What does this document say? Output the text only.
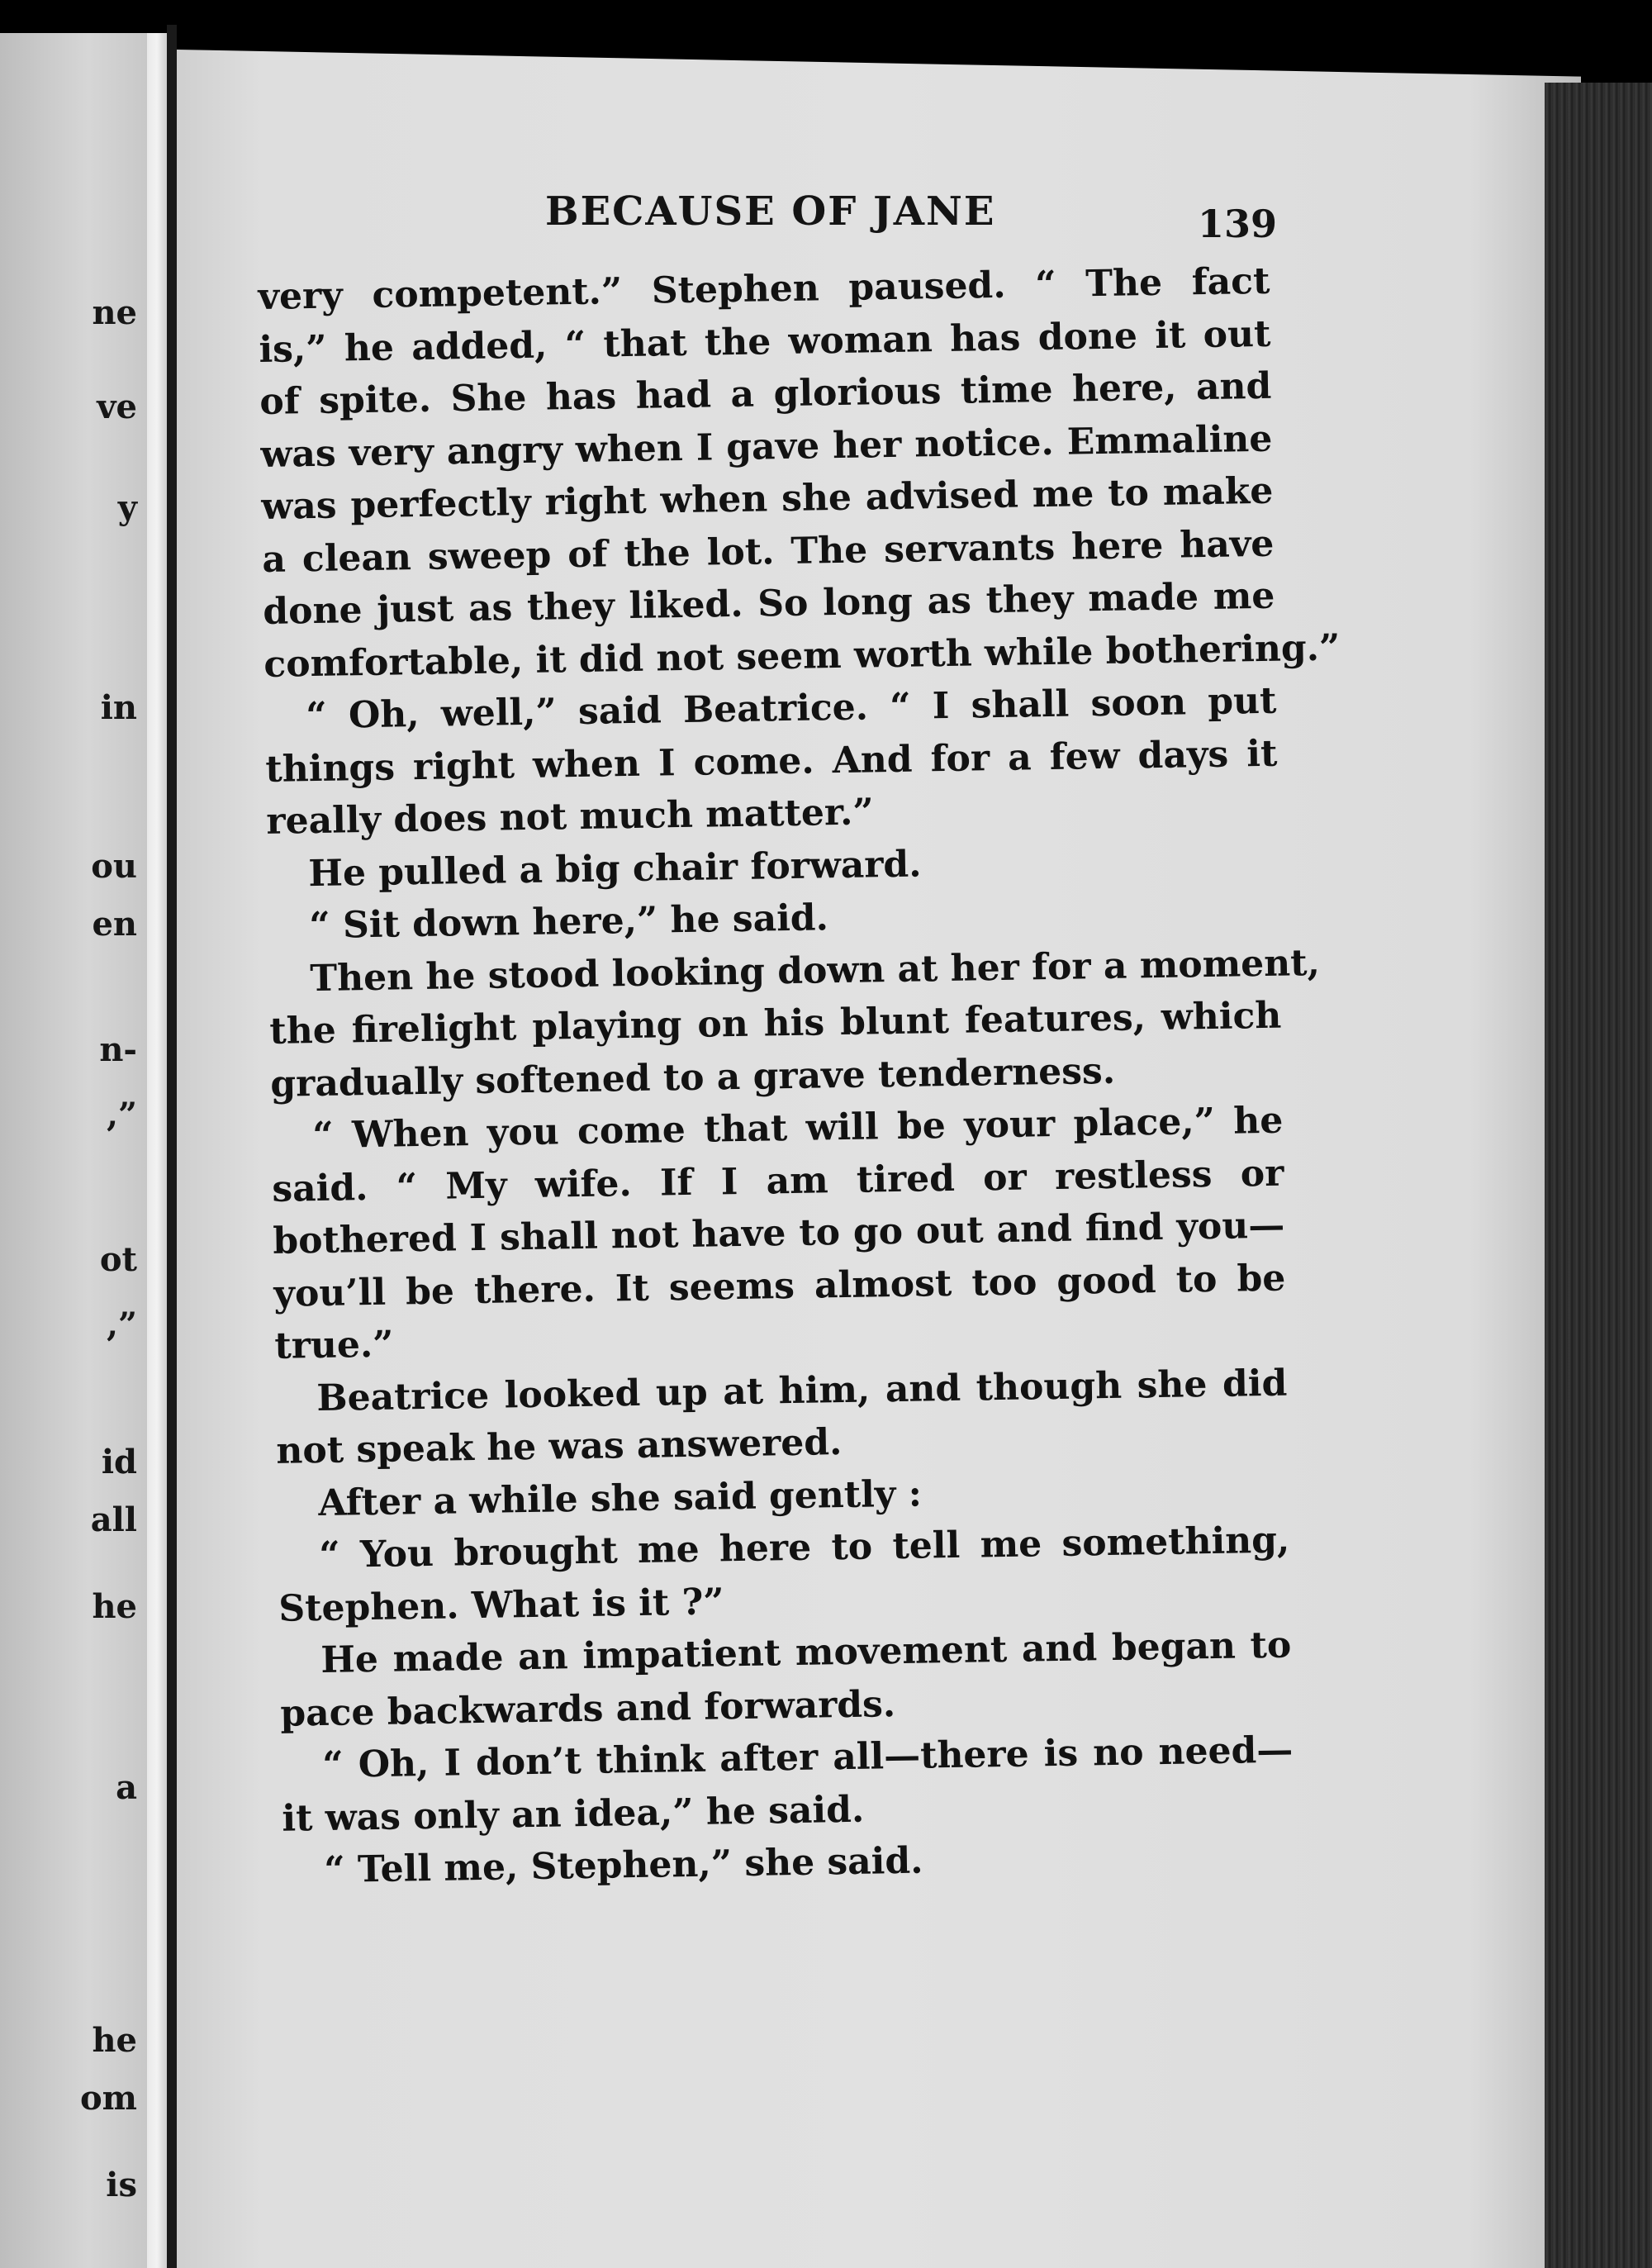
ne
ve
y
in
ou
en
n-
,”
ot
,”
id
all
he
a
he
om
is
BECAUSE OF JANE	139
very competent.” Stephen paused. “ The fact
is,” he added, “ that the woman has done it out
of spite. She has had a glorious time here, and
was very angry when I gave her notice. Emmaline
was perfectly right when she advised me to make
a clean sweep of the lot. The servants here have
done just as they liked. So long as they made me
comfortable, it did not seem worth while bothering.”
“ Oh, well,” said Beatrice. “ I shall soon put
things right when I come. And for a few days it
really does not much matter.”
He pulled a big chair forward.
“ Sit down here,” he said.
Then he stood looking down at her for a moment,
the firelight playing on his blunt features, which
gradually softened to a grave tenderness.
“ When you come that will be your place,” he
said. “ My wife. If I am tired or restless or
bothered I shall not have to go out and find you—
you’ll be there. It seems almost too good to be
true.”
Beatrice looked up at him, and though she did
not speak he was answered.
After a while she said gently :
“ You brought me here to tell me something,
Stephen. What is it ?”
He made an impatient movement and began to
pace backwards and forwards.
“ Oh, I don’t think after all—there is no need—
it was only an idea,” he said.
“ Tell me, Stephen,” she said.
